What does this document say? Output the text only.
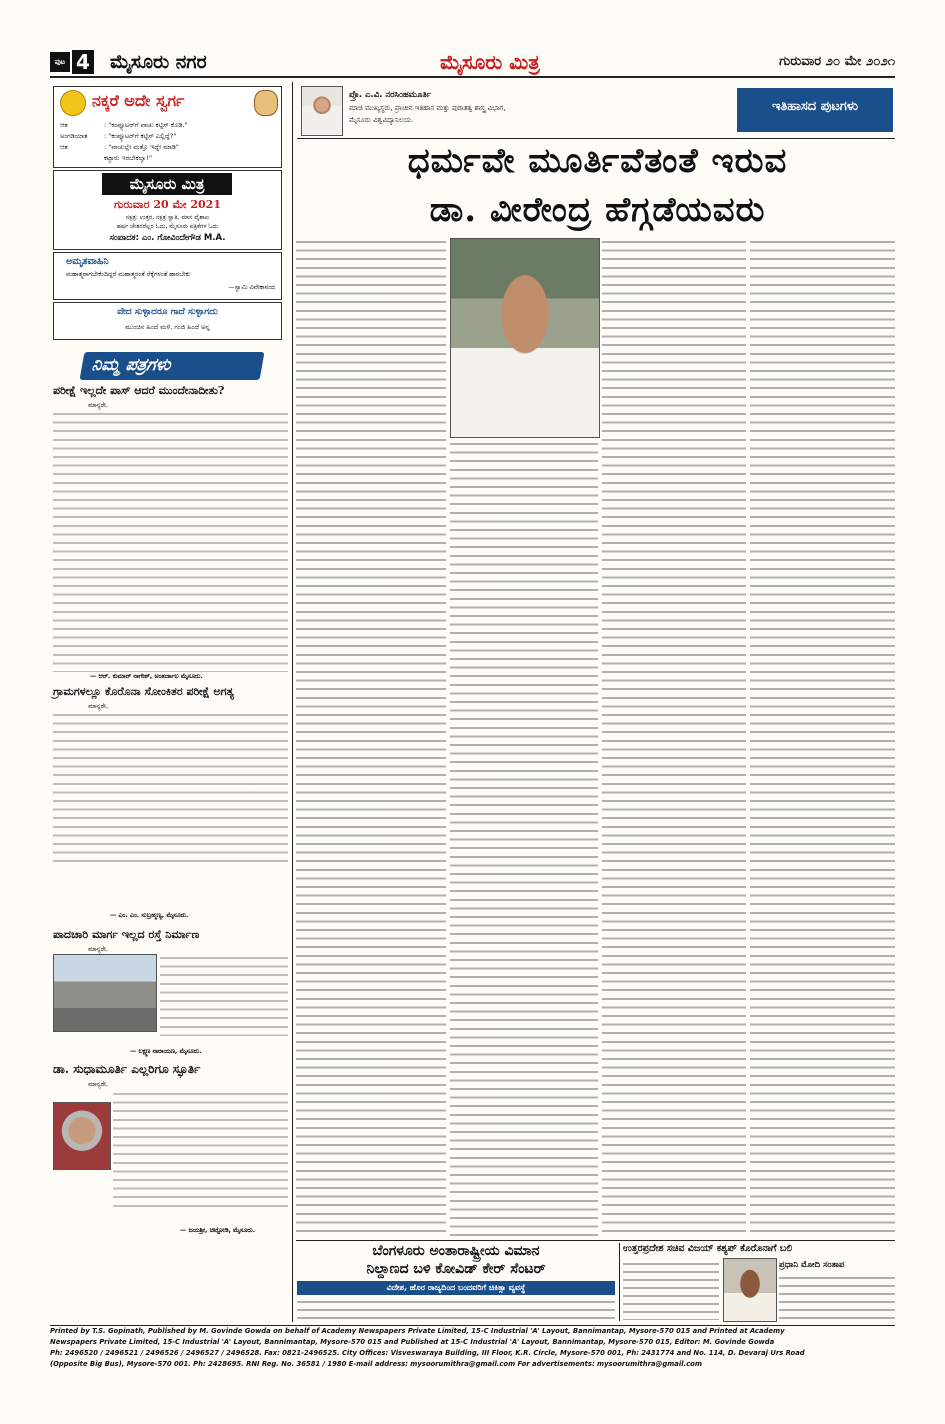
ಪುಟ 4 ಮೈಸೂರು ನಗರ	ಮೈಸೂರು ಮಿತ್ರ	ಗುರುವಾರ ೨೦ ಮೇ ೨೦೨೧
ನಕ್ಕರೆ ಅದೇ ಸ್ವರ್ಗ
ಆತ	: "ಕಂಪ್ಯೂಟರ್‌ಗೆ ವಾಚು ಕಟ್ಟಿಸ್ ಕೊಡಿ."
ಅಂಗಡಿಯಾತ	: "ಕಂಪ್ಯೂಟರ್‌ಗೆ ಕಟ್ಟಿಸ್ ಎಲ್ಲಿದ್ದೆ?"
ಆತ	: "ವಾಚುಲ್ಲೇ ಮತ್ತೊ ಇದ್ದೇ ಮಾಡಿ"
ಕಟ್ಟಾರು ಇರಬೇಕಲ್ವಾ!"
ಮೈಸೂರು ಮಿತ್ರ
ಗುರುವಾರ 20 ಮೇ 2021
ನಕ್ಷತ್ರ: ಉತ್ತರ, ನಕ್ಷತ್ರ ಸ್ವಾತಿ, ಮಾಸ ವೈಶಾಖ
ಹರ್ಷ ಚೇತನರೆಲ್ಲರ ಓದು, ಮೈಸೂರು ಪತ್ರಿಕೆಗಳ ಓದು
ಸಂಪಾದಕ: ಎಂ. ಗೋವಿಂದೇಗೌಡ M.A.
ಅಮೃತವಾಹಿನಿ
ಮಹಾತ್ಮರಾಗಬೇಕೆಂದಿದ್ದರೆ ಮಹಾತ್ಮರಂತೆ ರೆಕ್ಕೆಗಳಂತೆ ಹಾರಬೇಕು
—ಸ್ವಾಮಿ ವಿವೇಕಾನಂದ
ವೇದ ಸುಳ್ಳಾದರೂ ಗಾದೆ ಸುಳ್ಳಾಗದು
ಮುಂಚಿನ ಹಿಂದೆ ಮಳೆ, ಗಂಜಿ ಹಿಂದೆ ಅನ್ನ
ನಿಮ್ಮ ಪತ್ರಗಳು
ಪರೀಕ್ಷೆ ಇಲ್ಲದೇ ಪಾಸ್ ಆದರೆ ಮುಂದೇನಾದೀತು?
ಮಾನ್ಯರೇ,
— ಆರ್. ಕುಮಾರ್ ನಾಗೇಶ್, ಅಂತರ್ಜಾಲ ಮೈಸೂರು.
ಗ್ರಾಮಗಳಲ್ಲೂ ಕೊರೊನಾ ಸೋಂಕಿತರ ಪರೀಕ್ಷೆ ಅಗತ್ಯ
ಮಾನ್ಯರೇ,
— ಎಂ. ಎಂ. ಸುಬ್ರಹ್ಮಣ್ಯ, ಮೈಸೂರು.
ಪಾದಚಾರಿ ಮಾರ್ಗ ಇಲ್ಲದ ರಸ್ತೆ ನಿರ್ಮಾಣ
ಮಾನ್ಯರೇ,
— ಲಕ್ಷ್ಮಣ ನಾರಾಯಣ, ಮೈಸೂರು.
ಡಾ. ಸುಧಾಮೂರ್ತಿ ಎಲ್ಲರಿಗೂ ಸ್ಫೂರ್ತಿ
ಮಾನ್ಯರೇ,
— ಜಯಶ್ರೀ, ಚಿಟ್ಟೋಡಿ, ಮೈಸೂರು.
ಪ್ರೊ. ಎ.ವಿ. ನರಸಿಂಹಮೂರ್ತಿ
ಮಾಜಿ ಮುಖ್ಯಸ್ಥರು, ಪ್ರಾಚೀನ ಇತಿಹಾಸ ಮತ್ತು ಪುರಾತತ್ವ ಶಾಸ್ತ್ರ ವಿಭಾಗ,
ಮೈಸೂರು ವಿಶ್ವವಿದ್ಯಾನಿಲಯ.
ಇತಿಹಾಸದ ಪುಟಗಳು
ಧರ್ಮವೇ ಮೂರ್ತಿವೆತಂತೆ ಇರುವ
ಡಾ. ವೀರೇಂದ್ರ ಹೆಗ್ಗಡೆಯವರು
ಬೆಂಗಳೂರು ಅಂತಾರಾಷ್ಟ್ರೀಯ ವಿಮಾನ
ನಿಲ್ದಾಣದ ಬಳಿ ಕೋವಿಡ್ ಕೇರ್ ಸೆಂಟರ್
ವಿದೇಶ, ಹೊರ ರಾಜ್ಯದಿಂದ ಬಂದವರಿಗೆ ಚಿಕಿತ್ಸಾ ವ್ಯವಸ್ಥೆ
ಉತ್ತರಪ್ರದೇಶ ಸಚಿವ ವಿಜಯ್ ಕಶ್ಯಪ್ ಕೊರೊನಾಗೆ ಬಲಿ
ಪ್ರಧಾನಿ ಮೋದಿ ಸಂತಾಪ
Printed by T.S. Gopinath, Published by M. Govinde Gowda on behalf of Academy Newspapers Private Limited, 15-C Industrial 'A' Layout, Bannimantap, Mysore-570 015 and Printed at Academy
Newspapers Private Limited, 15-C Industrial 'A' Layout, Bannimantap, Mysore-570 015 and Published at 15-C Industrial 'A' Layout, Bannimantap, Mysore-570 015, Editor: M. Govinde Gowda
Ph: 2496520 / 2496521 / 2496526 / 2496527 / 2496528. Fax: 0821-2496525. City Offices: Visveswaraya Building, III Floor, K.R. Circle, Mysore-570 001, Ph: 2431774 and No. 114, D. Devaraj Urs Road
(Opposite Big Bus), Mysore-570 001. Ph: 2428695. RNI Reg. No. 36581 / 1980 E-mail address: mysoorumithra@gmail.com For advertisements: mysoorumithra@gmail.com
